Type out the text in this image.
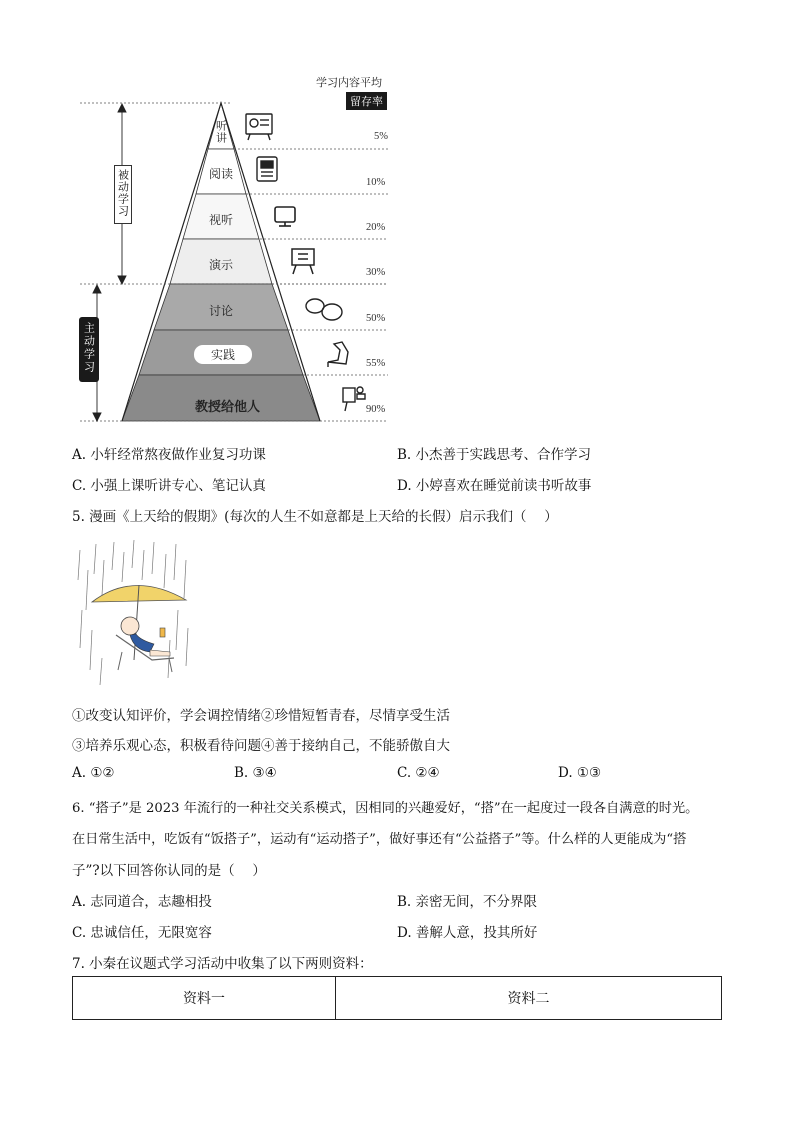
学习内容平均
留存率
听讲
阅读
视听
演示
讨论
实践
教授给他人
5%
10%
20%
30%
50%
55%
90%
被动学习
主动学习
A. 小轩经常熬夜做作业复习功课	B. 小杰善于实践思考、合作学习
C. 小强上课听讲专心、笔记认真	D. 小婷喜欢在睡觉前读书听故事
5. 漫画《上天给的假期》(每次的人生不如意都是上天给的长假）启示我们（　 ）
①改变认知评价，学会调控情绪②珍惜短暂青春，尽情享受生活
③培养乐观心态，积极看待问题④善于接纳自己，不能骄傲自大
A. ①②	B. ③④	C. ②④	D. ①③
6. “搭子”是 2023 年流行的一种社交关系模式，因相同的兴趣爱好，“搭”在一起度过一段各自满意的时光。
在日常生活中，吃饭有“饭搭子”，运动有“运动搭子”，做好事还有“公益搭子”等。什么样的人更能成为“搭
子”?以下回答你认同的是（　 ）
A. 志同道合，志趣相投	B. 亲密无间，不分界限
C. 忠诚信任，无限宽容	D. 善解人意，投其所好
7. 小秦在议题式学习活动中收集了以下两则资料：
资料一	资料二
